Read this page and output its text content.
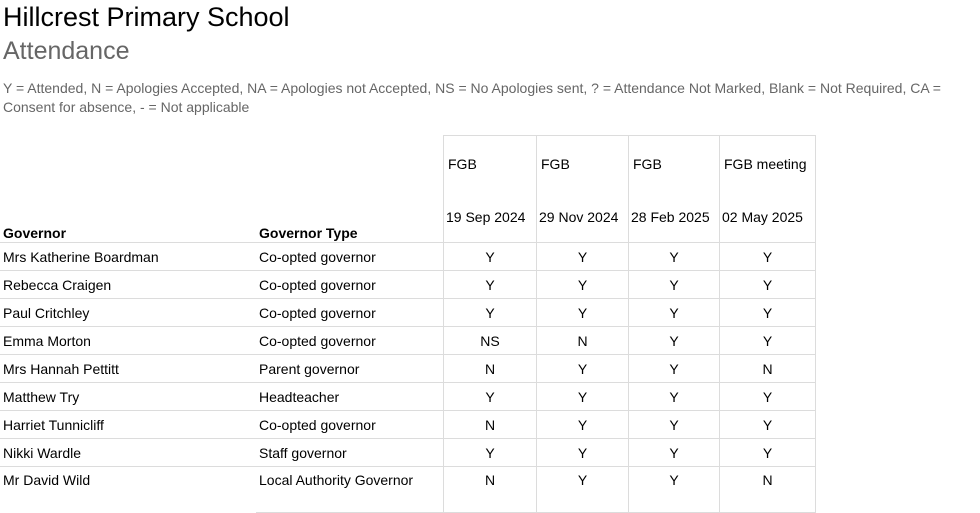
Hillcrest Primary School
Attendance
Y = Attended, N = Apologies Accepted, NA = Apologies not Accepted, NS = No Apologies sent, ? = Attendance Not Marked, Blank = Not Required, CA = Consent for absence, - = Not applicable
Governor	Governor Type	FGB	FGB	FGB	FGB meeting
		19 Sep 2024	29 Nov 2024	28 Feb 2025	02 May 2025
Mrs Katherine Boardman	Co-opted governor	Y	Y	Y	Y
Rebecca Craigen	Co-opted governor	Y	Y	Y	Y
Paul Critchley	Co-opted governor	Y	Y	Y	Y
Emma Morton	Co-opted governor	NS	N	Y	Y
Mrs Hannah Pettitt	Parent governor	N	Y	Y	N
Matthew Try	Headteacher	Y	Y	Y	Y
Harriet Tunnicliff	Co-opted governor	N	Y	Y	Y
Nikki Wardle	Staff governor	Y	Y	Y	Y
Mr David Wild	Local Authority Governor	N	Y	Y	N
